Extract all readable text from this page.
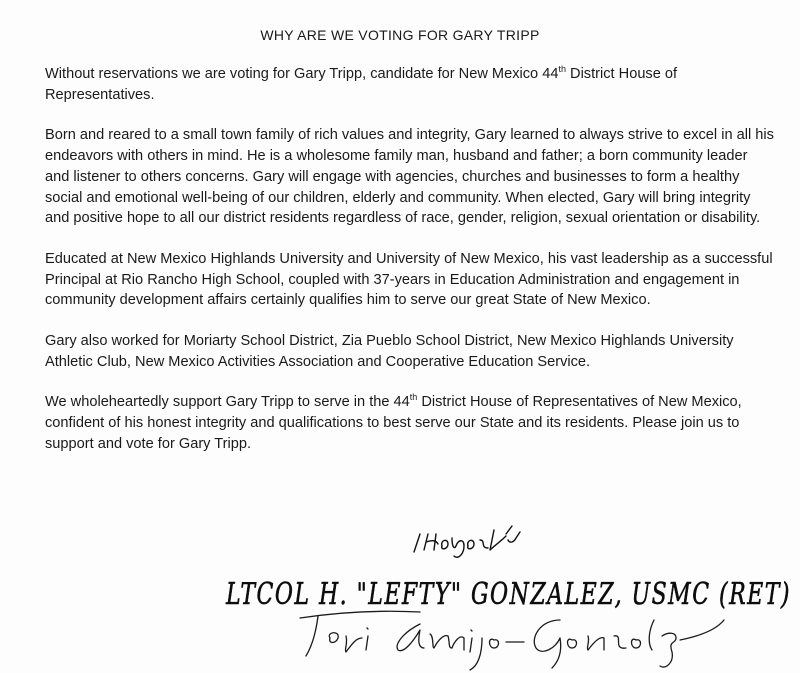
WHY ARE WE VOTING FOR GARY TRIPP

Without reservations we are voting for Gary Tripp, candidate for New Mexico 44th District House of Representatives.

Born and reared to a small town family of rich values and integrity, Gary learned to always strive to excel in all his endeavors with others in mind. He is a wholesome family man, husband and father; a born community leader and listener to others concerns. Gary will engage with agencies, churches and businesses to form a healthy social and emotional well-being of our children, elderly and community. When elected, Gary will bring integrity and positive hope to all our district residents regardless of race, gender, religion, sexual orientation or disability.

Educated at New Mexico Highlands University and University of New Mexico, his vast leadership as a successful Principal at Rio Rancho High School, coupled with 37-years in Education Administration and engagement in community development affairs certainly qualifies him to serve our great State of New Mexico.

Gary also worked for Moriarty School District, Zia Pueblo School District, New Mexico Highlands University Athletic Club, New Mexico Activities Association and Cooperative Education Service.

We wholeheartedly support Gary Tripp to serve in the 44th District House of Representatives of New Mexico, confident of his honest integrity and qualifications to best serve our State and its residents. Please join us to support and vote for Gary Tripp.

LTCOL H. "LEFTY" GONZALEZ, USMC (RET)
